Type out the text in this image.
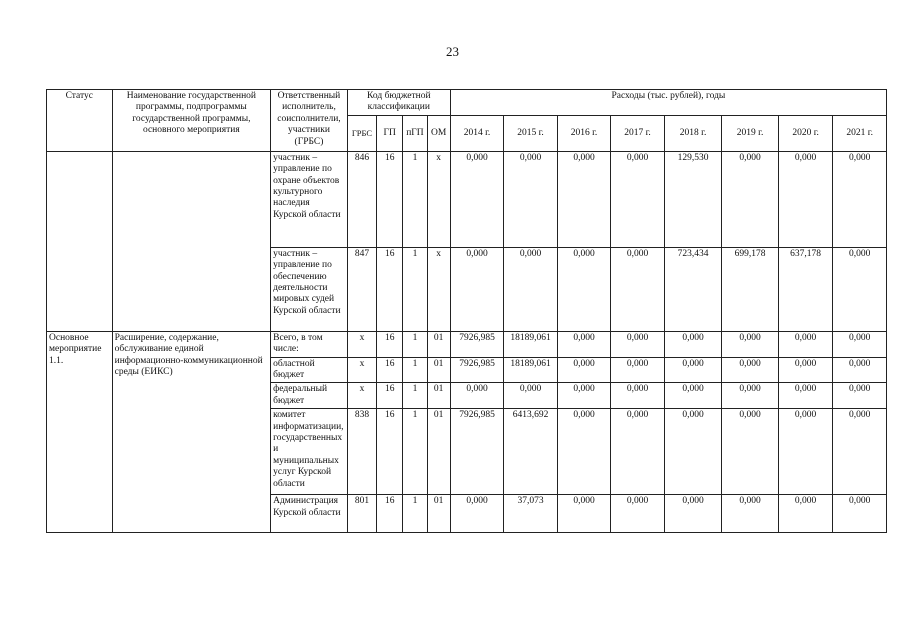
23
Статус	Наименование государственной программы, подпрограммы государственной программы, основного мероприятия	Ответственный исполнитель, соисполнители, участники (ГРБС)	Код бюджетной классификации				Расходы (тыс. рублей), годы							
			ГРБС	ГП	пГП	ОМ	2014 г.	2015 г.	2016 г.	2017 г.	2018 г.	2019 г.	2020 г.	2021 г.
		участник – управление по охране объектов культурного наследия Курской области	846	16	1	х	0,000	0,000	0,000	0,000	129,530	0,000	0,000	0,000
		участник – управление по обеспечению деятельности мировых судей Курской области	847	16	1	х	0,000	0,000	0,000	0,000	723,434	699,178	637,178	0,000
Основное мероприятие 1.1.	Расширение, содержание, обслуживание единой информационно-коммуникационной среды (ЕИКС)	Всего, в том числе:	х	16	1	01	7926,985	18189,061	0,000	0,000	0,000	0,000	0,000	0,000
		областной бюджет	х	16	1	01	7926,985	18189,061	0,000	0,000	0,000	0,000	0,000	0,000
		федеральный бюджет	х	16	1	01	0,000	0,000	0,000	0,000	0,000	0,000	0,000	0,000
		комитет информатизации, государственных и муниципальных услуг Курской области	838	16	1	01	7926,985	6413,692	0,000	0,000	0,000	0,000	0,000	0,000
		Администрация Курской области	801	16	1	01	0,000	37,073	0,000	0,000	0,000	0,000	0,000	0,000
